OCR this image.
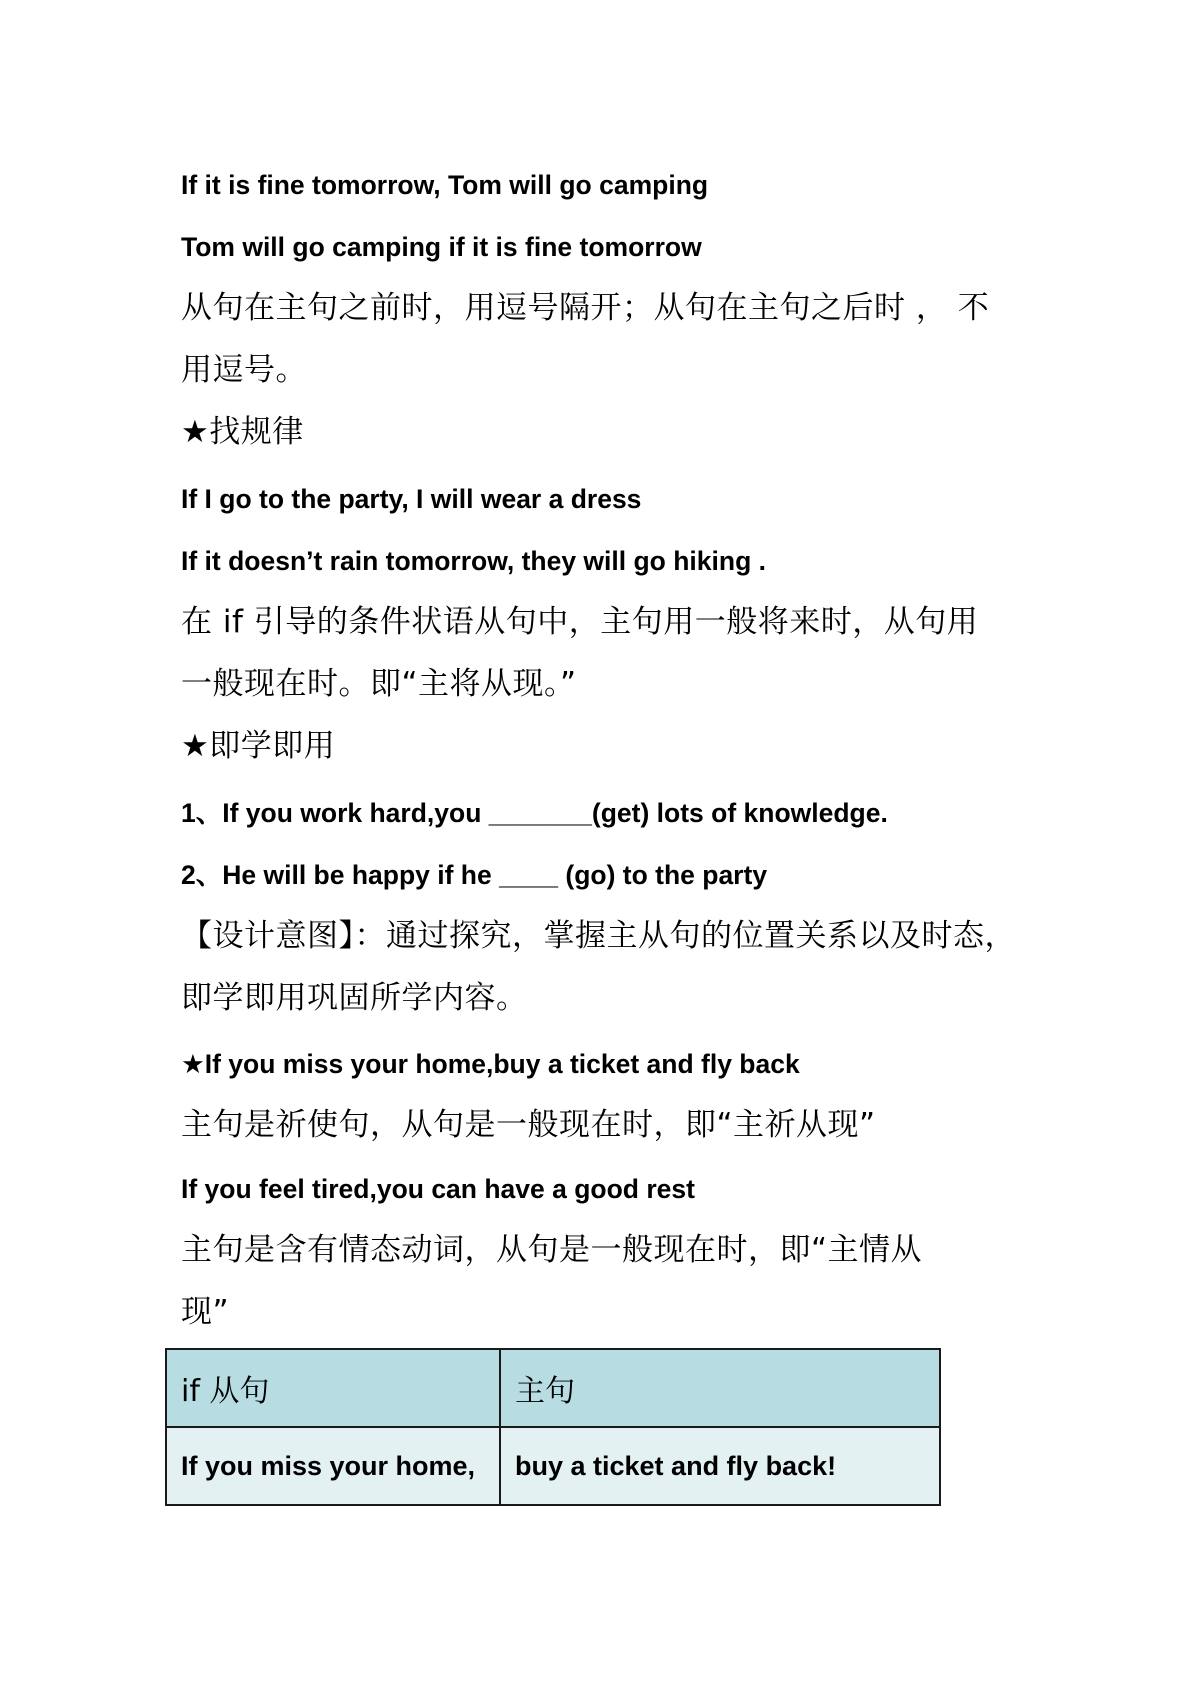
If it is fine tomorrow, Tom will go camping
Tom will go camping if it is fine tomorrow
从句在主句之前时，用逗号隔开；从句在主句之后时 ， 不
用逗号。
★找规律
If I go to the party, I will wear a dress
If it doesn’t rain tomorrow, they will go hiking .
在 if 引导的条件状语从句中，主句用一般将来时，从句用
一般现在时。即“主将从现。”
★即学即用
1、If you work hard,you _______(get) lots of knowledge.
2、He will be happy if he ____ (go) to the party
【设计意图】：通过探究，掌握主从句的位置关系以及时态，
即学即用巩固所学内容。
★If you miss your home,buy a ticket and fly back
主句是祈使句，从句是一般现在时，即“主祈从现”
If you feel tired,you can have a good rest
主句是含有情态动词，从句是一般现在时，即“主情从
现”
if 从句	主句
If you miss your home,	buy a ticket and fly back!
